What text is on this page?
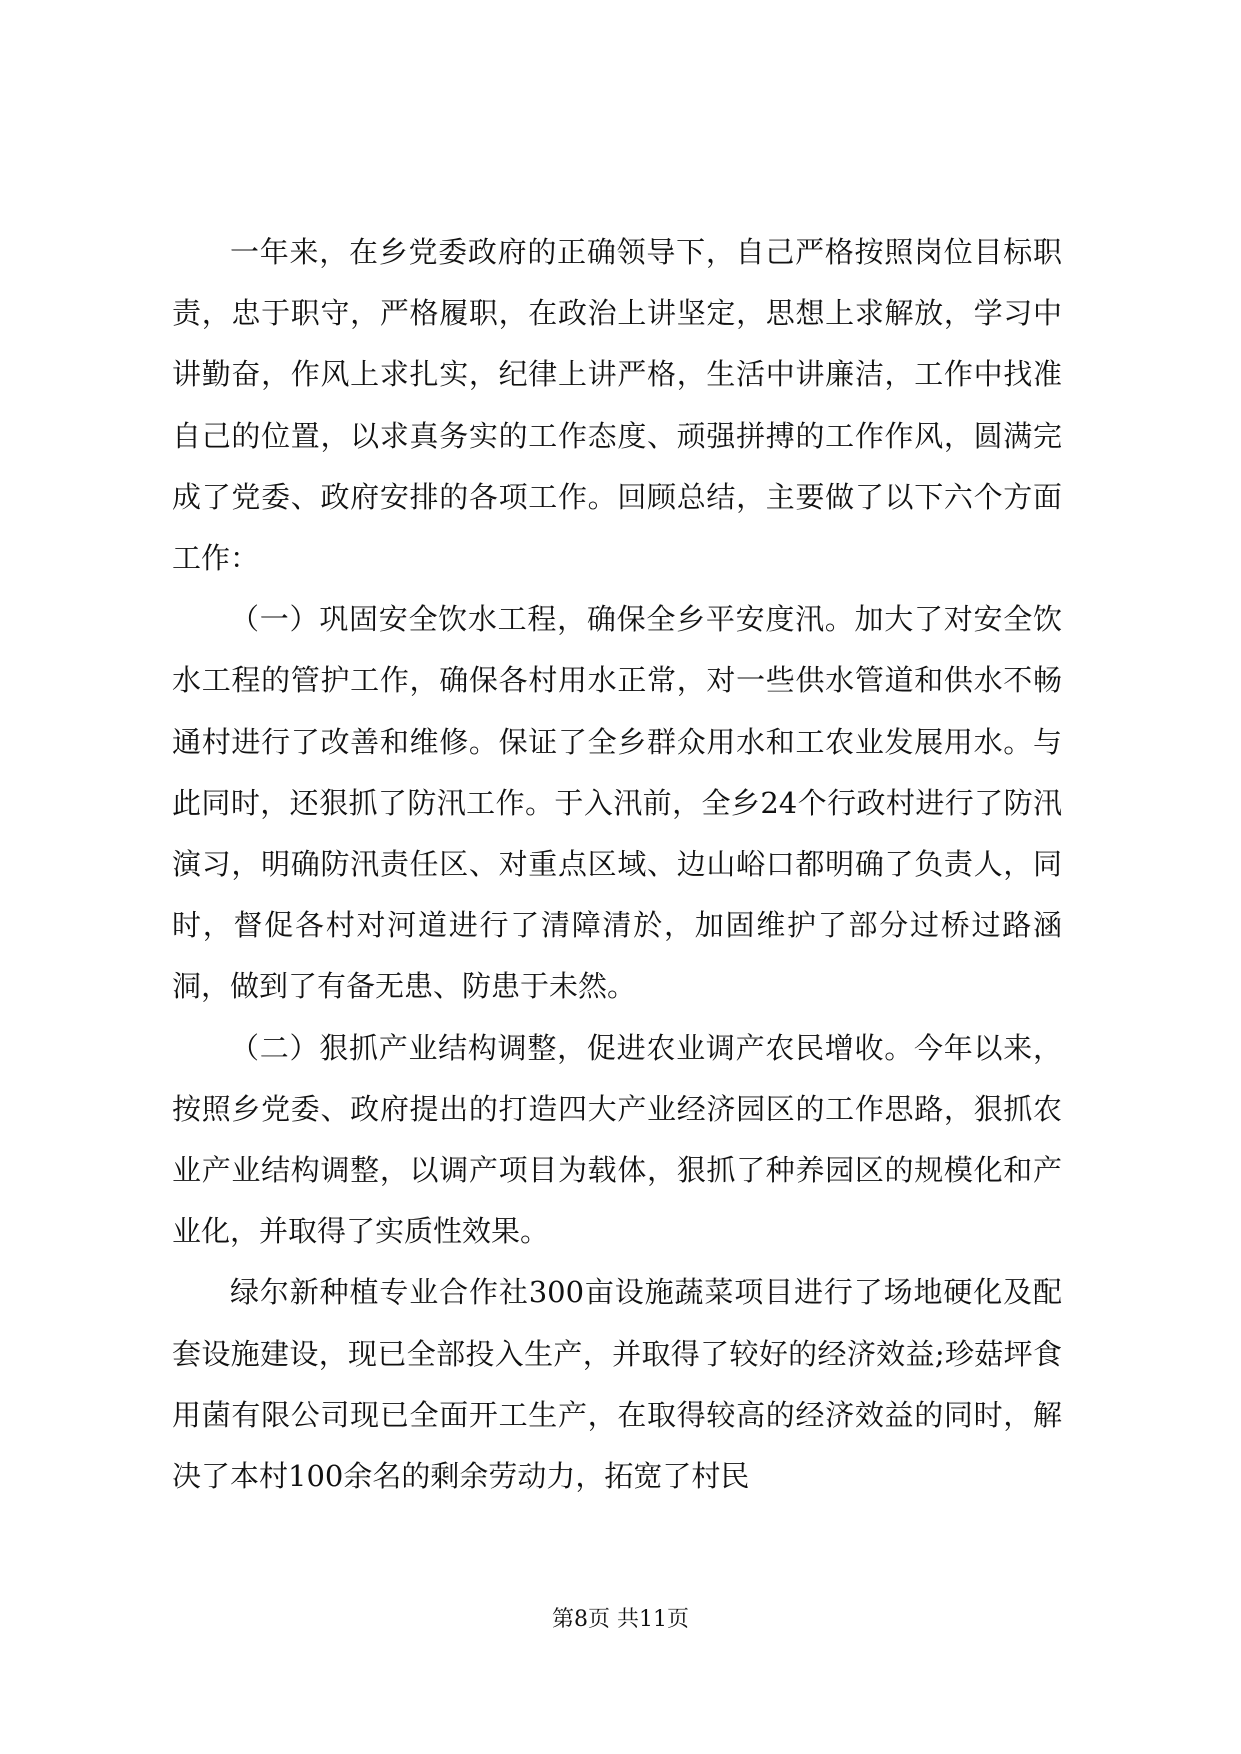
一年来，在乡党委政府的正确领导下，自己严格按照岗位目标职责，忠于职守，严格履职，在政治上讲坚定，思想上求解放，学习中讲勤奋，作风上求扎实，纪律上讲严格，生活中讲廉洁，工作中找准自己的位置，以求真务实的工作态度、顽强拼搏的工作作风，圆满完成了党委、政府安排的各项工作。回顾总结，主要做了以下六个方面工作：

（一）巩固安全饮水工程，确保全乡平安度汛。加大了对安全饮水工程的管护工作，确保各村用水正常，对一些供水管道和供水不畅通村进行了改善和维修。保证了全乡群众用水和工农业发展用水。与此同时，还狠抓了防汛工作。于入汛前，全乡24个行政村进行了防汛演习，明确防汛责任区、对重点区域、边山峪口都明确了负责人，同时，督促各村对河道进行了清障清於，加固维护了部分过桥过路涵洞，做到了有备无患、防患于未然。

（二）狠抓产业结构调整，促进农业调产农民增收。今年以来，按照乡党委、政府提出的打造四大产业经济园区的工作思路，狠抓农业产业结构调整，以调产项目为载体，狠抓了种养园区的规模化和产业化，并取得了实质性效果。

绿尔新种植专业合作社300亩设施蔬菜项目进行了场地硬化及配套设施建设，现已全部投入生产，并取得了较好的经济效益;珍菇坪食用菌有限公司现已全面开工生产，在取得较高的经济效益的同时，解决了本村100余名的剩余劳动力，拓宽了村民

第8页 共11页
